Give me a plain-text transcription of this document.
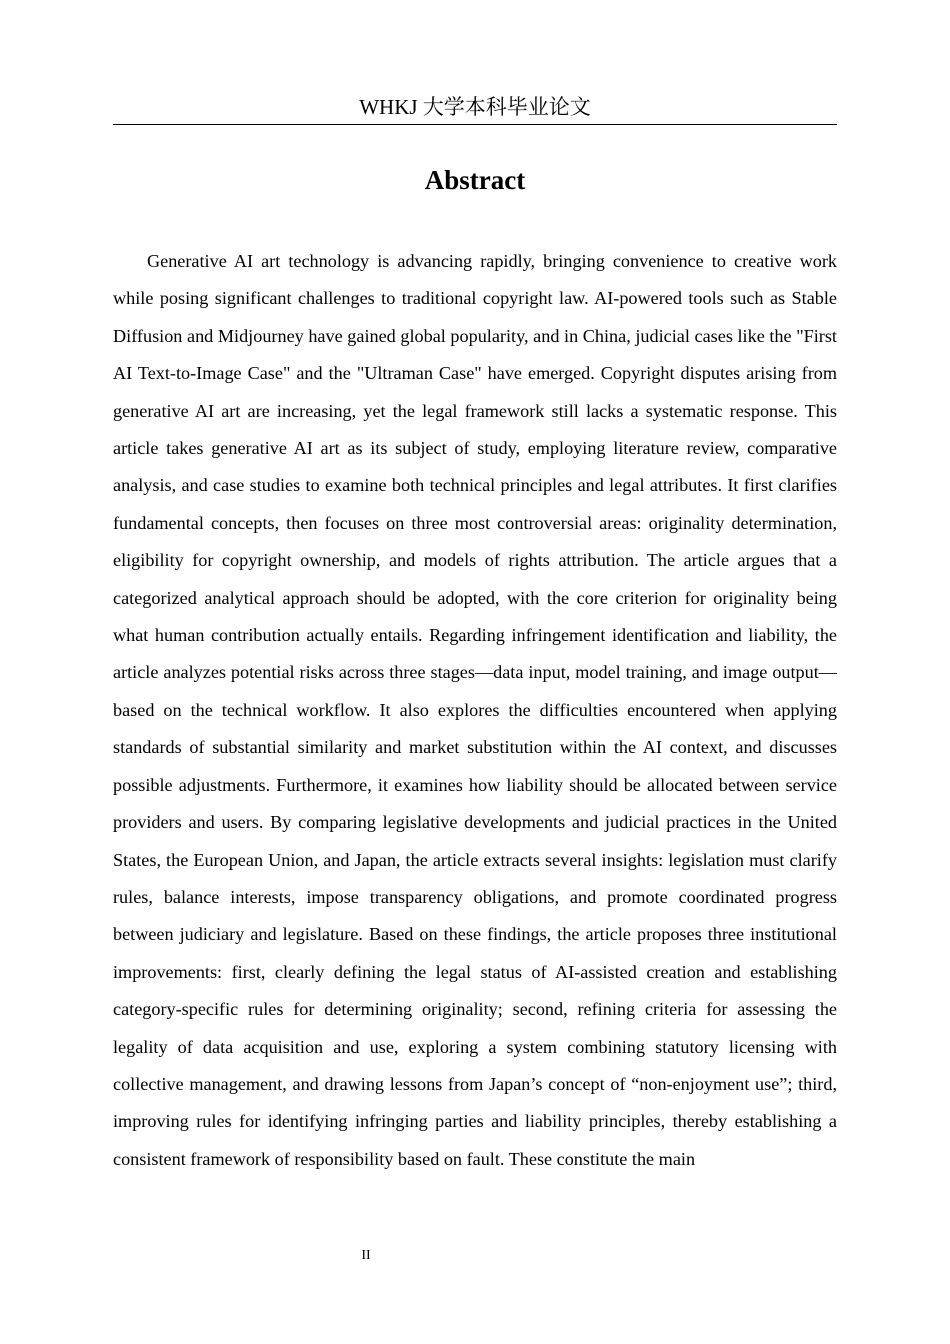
WHKJ 大学本科毕业论文
Abstract

Generative AI art technology is advancing rapidly, bringing convenience to creative work while posing significant challenges to traditional copyright law. AI-powered tools such as Stable Diffusion and Midjourney have gained global popularity, and in China, judicial cases like the "First AI Text-to-Image Case" and the "Ultraman Case" have emerged. Copyright disputes arising from generative AI art are increasing, yet the legal framework still lacks a systematic response. This article takes generative AI art as its subject of study, employing literature review, comparative analysis, and case studies to examine both technical principles and legal attributes. It first clarifies fundamental concepts, then focuses on three most controversial areas: originality determination, eligibility for copyright ownership, and models of rights attribution. The article argues that a categorized analytical approach should be adopted, with the core criterion for originality being what human contribution actually entails. Regarding infringement identification and liability, the article analyzes potential risks across three stages—data input, model training, and image output—based on the technical workflow. It also explores the difficulties encountered when applying standards of substantial similarity and market substitution within the AI context, and discusses possible adjustments. Furthermore, it examines how liability should be allocated between service providers and users. By comparing legislative developments and judicial practices in the United States, the European Union, and Japan, the article extracts several insights: legislation must clarify rules, balance interests, impose transparency obligations, and promote coordinated progress between judiciary and legislature. Based on these findings, the article proposes three institutional improvements: first, clearly defining the legal status of AI-assisted creation and establishing category-specific rules for determining originality; second, refining criteria for assessing the legality of data acquisition and use, exploring a system combining statutory licensing with collective management, and drawing lessons from Japan’s concept of “non-enjoyment use”; third, improving rules for identifying infringing parties and liability principles, thereby establishing a consistent framework of responsibility based on fault. These constitute the main

II
